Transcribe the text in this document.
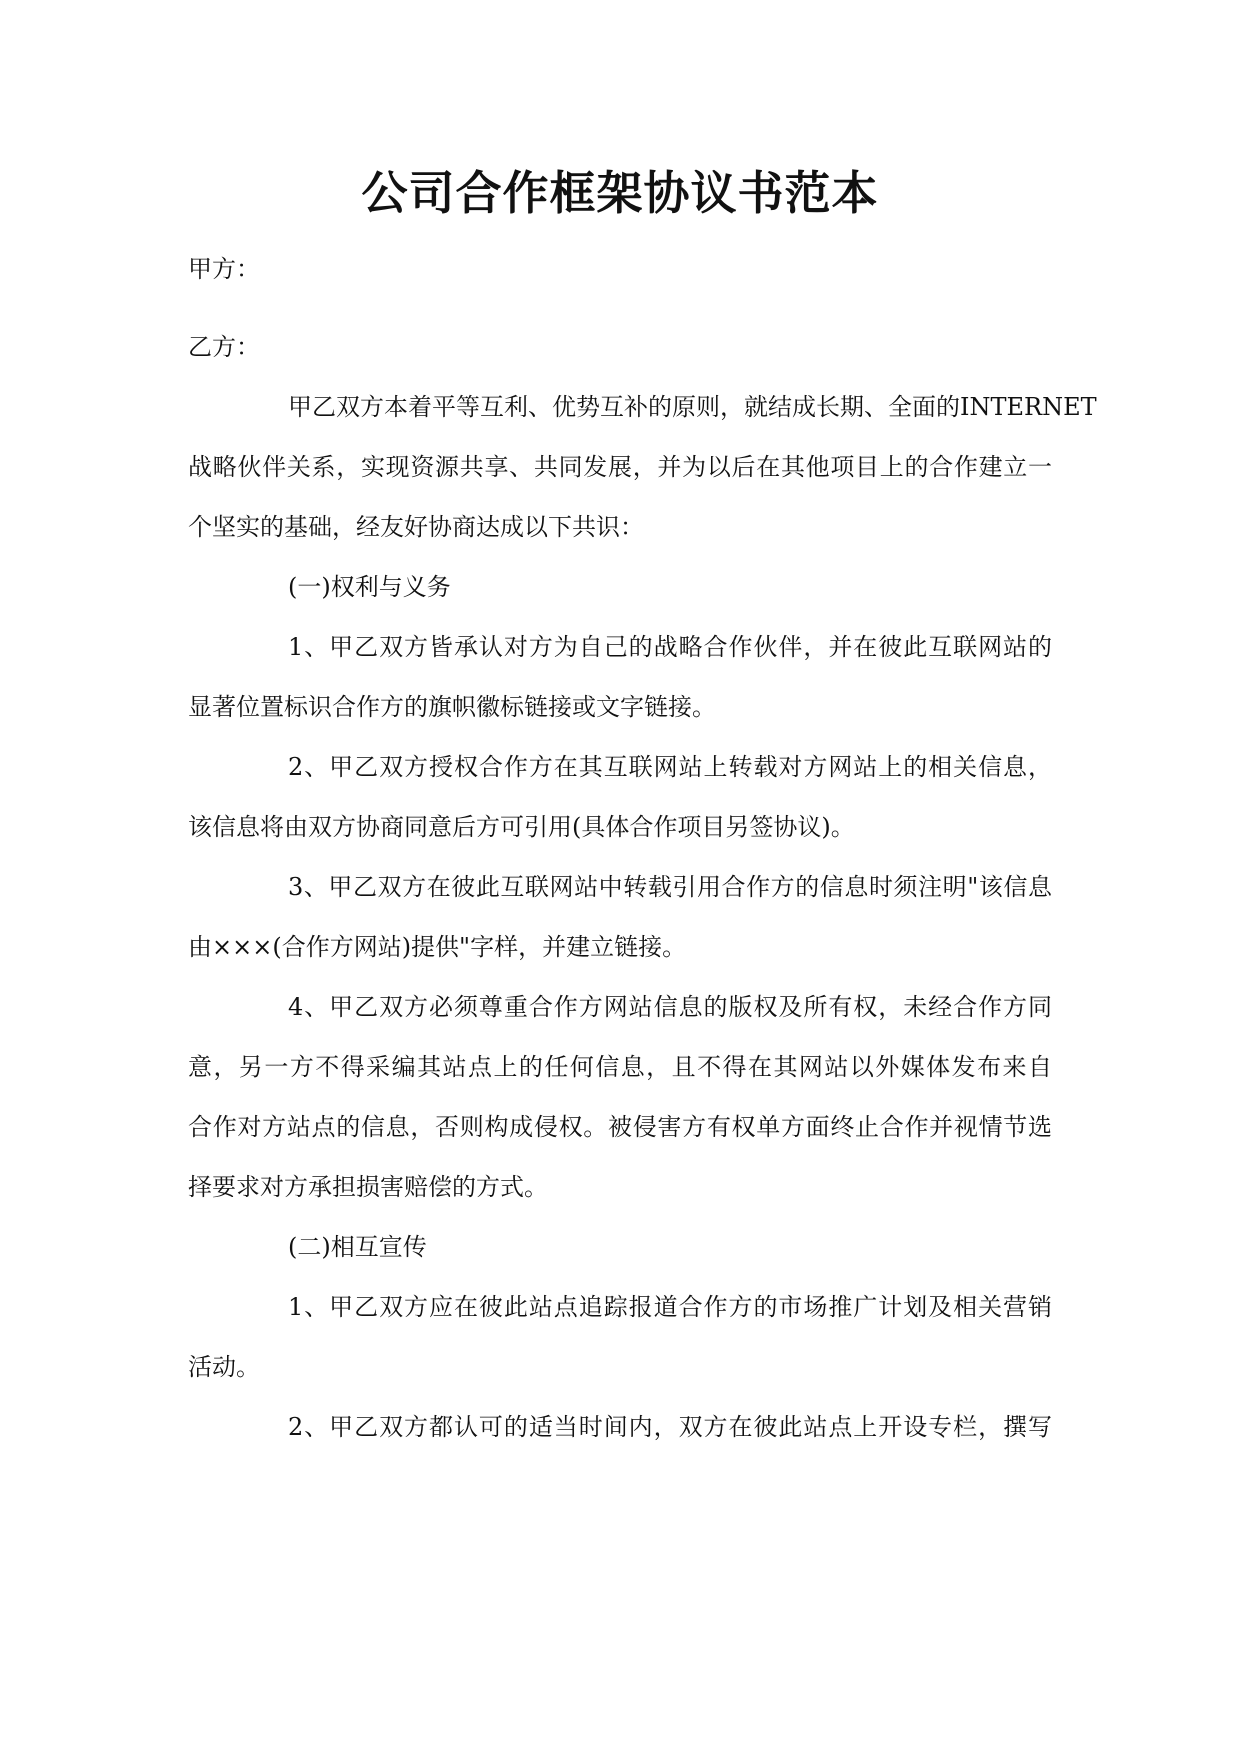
公司合作框架协议书范本
甲方：
乙方：
甲乙双方本着平等互利、优势互补的原则，就结成长期、全面的INTERNET
战略伙伴关系，实现资源共享、共同发展，并为以后在其他项目上的合作建立一
个坚实的基础，经友好协商达成以下共识：
(一)权利与义务
1、甲乙双方皆承认对方为自己的战略合作伙伴，并在彼此互联网站的
显著位置标识合作方的旗帜徽标链接或文字链接。
2、甲乙双方授权合作方在其互联网站上转载对方网站上的相关信息，
该信息将由双方协商同意后方可引用(具体合作项目另签协议)。
3、甲乙双方在彼此互联网站中转载引用合作方的信息时须注明"该信息
由×××(合作方网站)提供"字样，并建立链接。
4、甲乙双方必须尊重合作方网站信息的版权及所有权，未经合作方同
意，另一方不得采编其站点上的任何信息，且不得在其网站以外媒体发布来自
合作对方站点的信息，否则构成侵权。被侵害方有权单方面终止合作并视情节选
择要求对方承担损害赔偿的方式。
(二)相互宣传
1、甲乙双方应在彼此站点追踪报道合作方的市场推广计划及相关营销
活动。
2、甲乙双方都认可的适当时间内，双方在彼此站点上开设专栏，撰写
